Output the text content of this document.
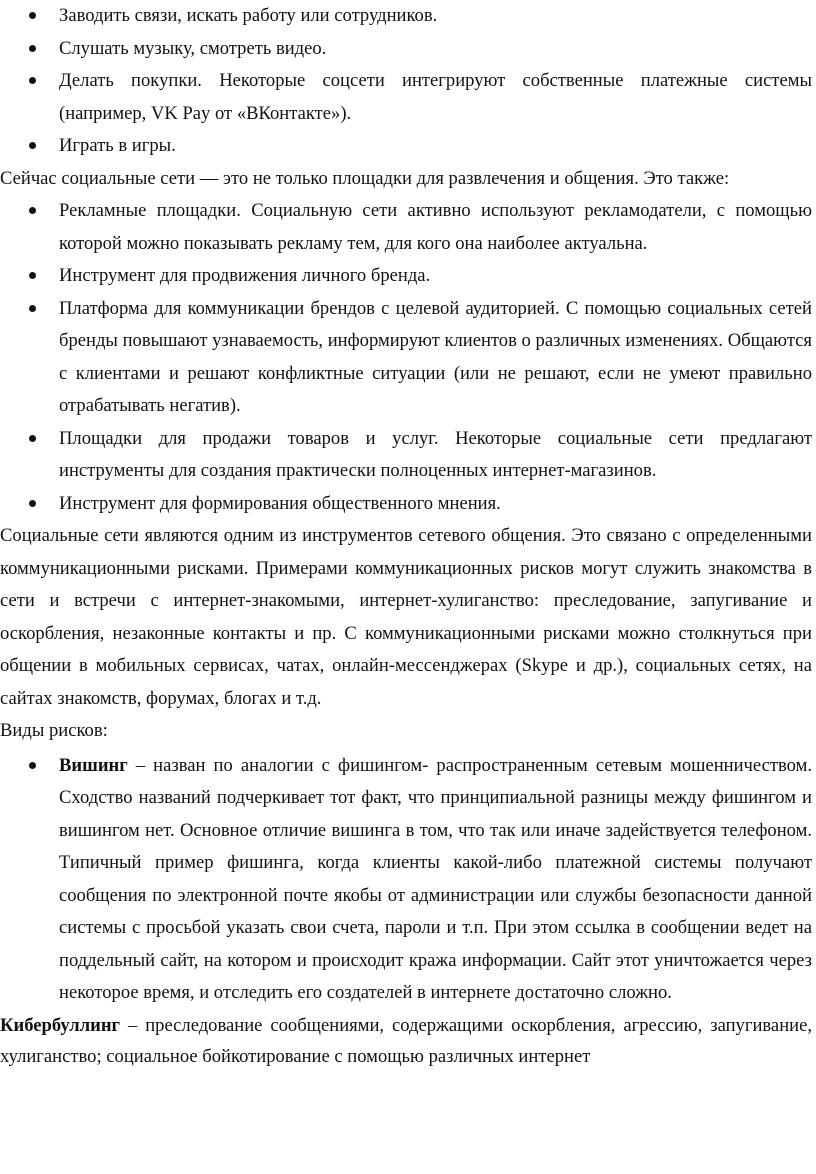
Заводить связи, искать работу или сотрудников.
Слушать музыку, смотреть видео.
Делать покупки. Некоторые соцсети интегрируют собственные платежные системы (например, VK Pay от «ВКонтакте»).
Играть в игры.

Сейчас социальные сети — это не только площадки для развлечения и общения. Это также:

Рекламные площадки. Социальную сети активно используют рекламодатели, с помощью которой можно показывать рекламу тем, для кого она наиболее актуальна.
Инструмент для продвижения личного бренда.
Платформа для коммуникации брендов с целевой аудиторией. С помощью социальных сетей бренды повышают узнаваемость, информируют клиентов о различных изменениях. Общаются с клиентами и решают конфликтные ситуации (или не решают, если не умеют правильно отрабатывать негатив).
Площадки для продажи товаров и услуг. Некоторые социальные сети предлагают инструменты для создания практически полноценных интернет-магазинов.
Инструмент для формирования общественного мнения.

Социальные сети являются одним из инструментов сетевого общения. Это связано с определенными коммуникационными рисками. Примерами коммуникационных рисков могут служить знакомства в сети и встречи с интернет-знакомыми, интернет-хулиганство: преследование, запугивание и оскорбления, незаконные контакты и пр. С коммуникационными рисками можно столкнуться при общении в мобильных сервисах, чатах, онлайн-мессенджерах (Skype и др.), социальных сетях, на сайтах знакомств, форумах, блогах и т.д.

Виды рисков:

Вишинг – назван по аналогии с фишингом- распространенным сетевым мошенничеством. Сходство названий подчеркивает тот факт, что принципиальной разницы между фишингом и вишингом нет. Основное отличие вишинга в том, что так или иначе задействуется телефоном. Типичный пример фишинга, когда клиенты какой-либо платежной системы получают сообщения по электронной почте якобы от администрации или службы безопасности данной системы с просьбой указать свои счета, пароли и т.п. При этом ссылка в сообщении ведет на поддельный сайт, на котором и происходит кража информации. Сайт этот уничтожается через некоторое время, и отследить его создателей в интернете достаточно сложно.

Кибербуллинг – преследование сообщениями, содержащими оскорбления, агрессию, запугивание, хулиганство; социальное бойкотирование с помощью различных интернет
